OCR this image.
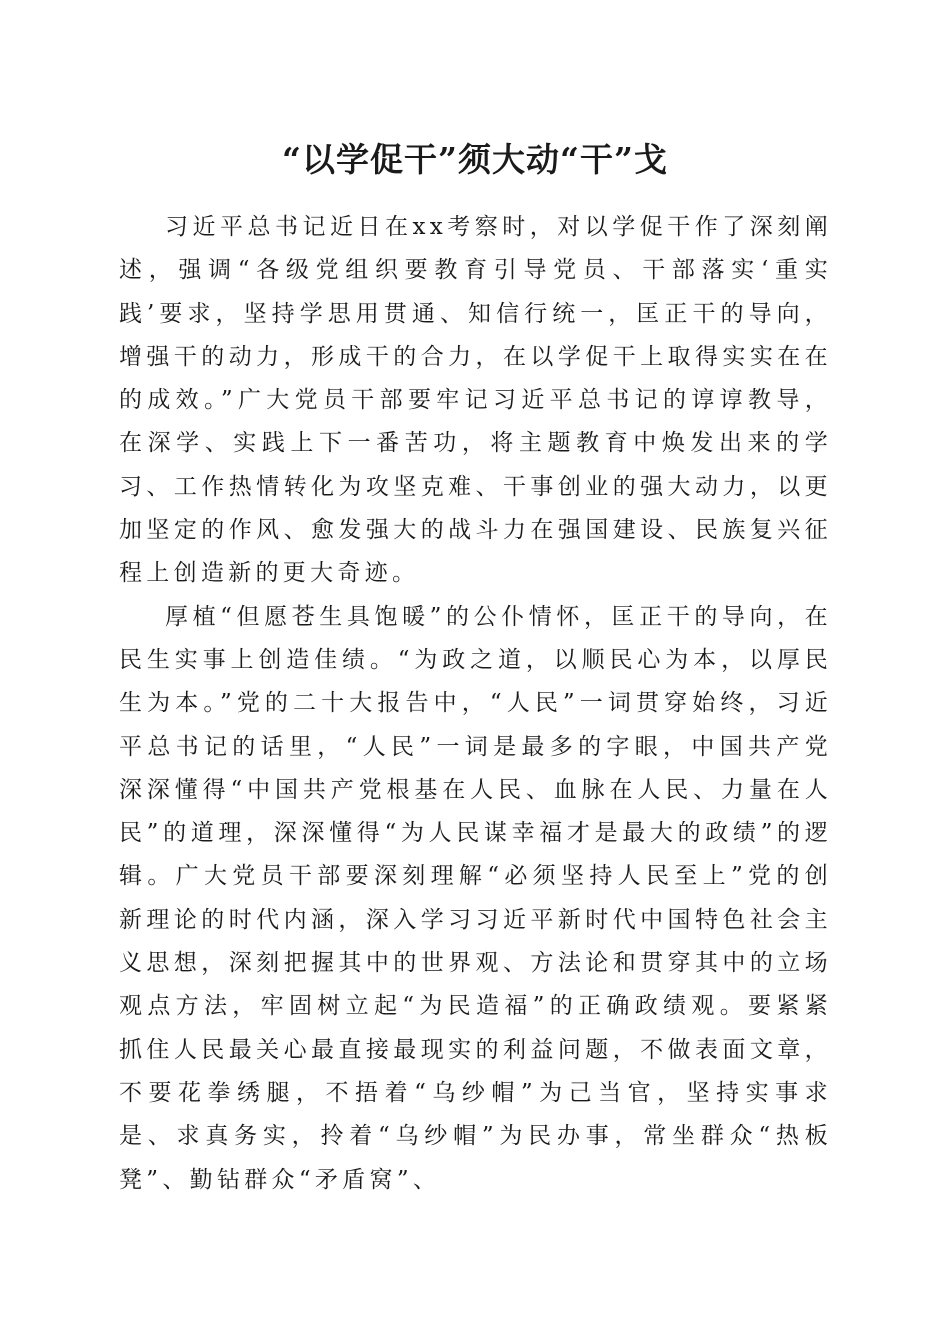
“以学促干”须大动“干”戈

习近平总书记近日在xx考察时，对以学促干作了深刻阐述，强调“各级党组织要教育引导党员、干部落实‘重实践’要求，坚持学思用贯通、知信行统一，匡正干的导向，增强干的动力，形成干的合力，在以学促干上取得实实在在的成效。”广大党员干部要牢记习近平总书记的谆谆教导，在深学、实践上下一番苦功，将主题教育中焕发出来的学习、工作热情转化为攻坚克难、干事创业的强大动力，以更加坚定的作风、愈发强大的战斗力在强国建设、民族复兴征程上创造新的更大奇迹。

厚植“但愿苍生具饱暖”的公仆情怀，匡正干的导向，在民生实事上创造佳绩。“为政之道，以顺民心为本，以厚民生为本。”党的二十大报告中，“人民”一词贯穿始终，习近平总书记的话里，“人民”一词是最多的字眼，中国共产党深深懂得“中国共产党根基在人民、血脉在人民、力量在人民”的道理，深深懂得“为人民谋幸福才是最大的政绩”的逻辑。广大党员干部要深刻理解“必须坚持人民至上”党的创新理论的时代内涵，深入学习习近平新时代中国特色社会主义思想，深刻把握其中的世界观、方法论和贯穿其中的立场观点方法，牢固树立起“为民造福”的正确政绩观。要紧紧抓住人民最关心最直接最现实的利益问题，不做表面文章，不要花拳绣腿，不捂着“乌纱帽”为己当官，坚持实事求是、求真务实，拎着“乌纱帽”为民办事，常坐群众“热板凳”、勤钻群众“矛盾窝”、
